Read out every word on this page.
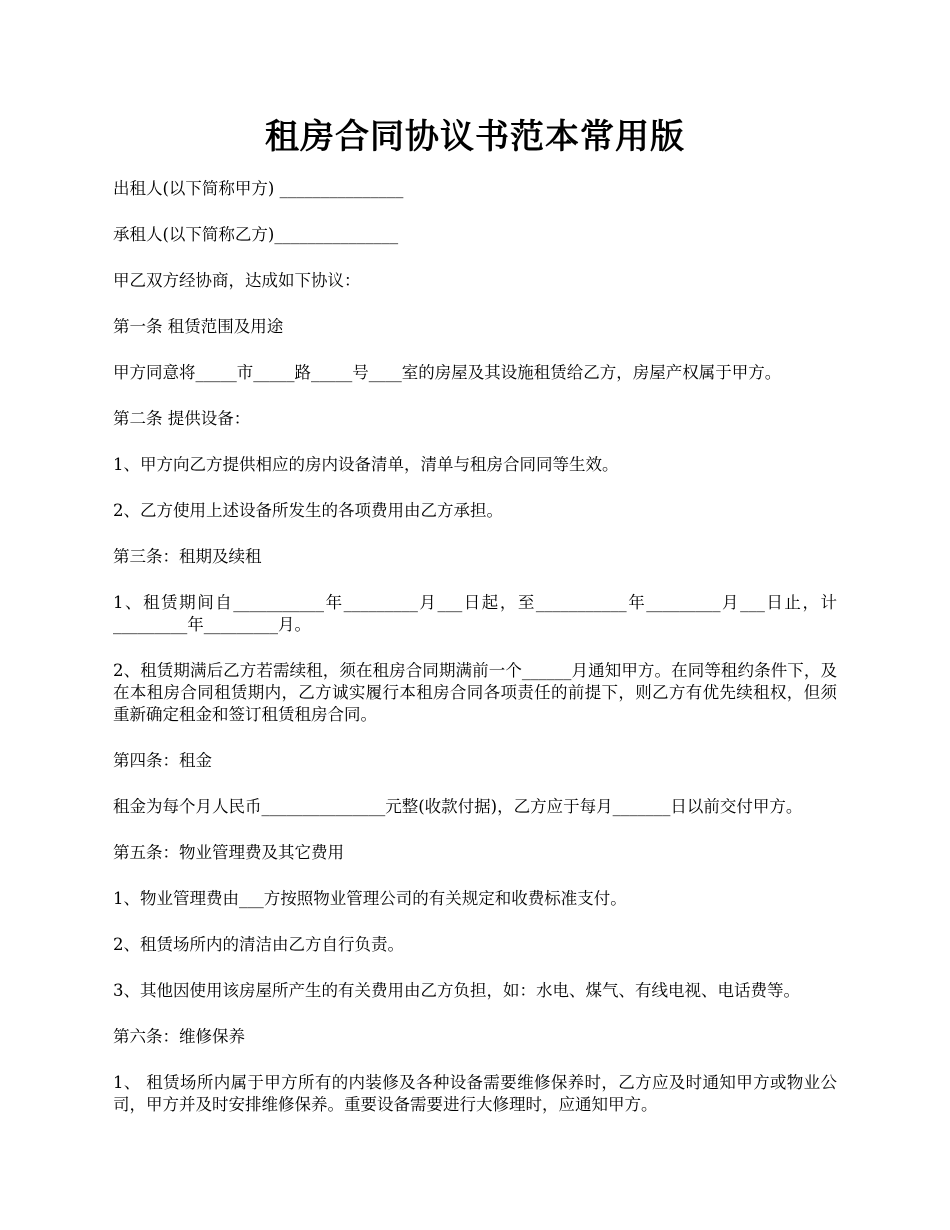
租房合同协议书范本常用版

出租人(以下简称甲方) _______________

承租人(以下简称乙方)_______________

甲乙双方经协商，达成如下协议：

第一条 租赁范围及用途

甲方同意将_____市_____路_____号____室的房屋及其设施租赁给乙方，房屋产权属于甲方。

第二条 提供设备：

1、甲方向乙方提供相应的房内设备清单，清单与租房合同同等生效。

2、乙方使用上述设备所发生的各项费用由乙方承担。

第三条：租期及续租

1、租赁期间自___________年_________月___日起，至___________年_________月___日止，计_________年_________月。

2、租赁期满后乙方若需续租，须在租房合同期满前一个______月通知甲方。在同等租约条件下，及在本租房合同租赁期内，乙方诚实履行本租房合同各项责任的前提下，则乙方有优先续租权，但须重新确定租金和签订租赁租房合同。

第四条：租金

租金为每个月人民币_______________元整(收款付据)，乙方应于每月_______日以前交付甲方。

第五条：物业管理费及其它费用

1、物业管理费由___方按照物业管理公司的有关规定和收费标准支付。

2、租赁场所内的清洁由乙方自行负责。

3、其他因使用该房屋所产生的有关费用由乙方负担，如：水电、煤气、有线电视、电话费等。

第六条：维修保养

1、 租赁场所内属于甲方所有的内装修及各种设备需要维修保养时，乙方应及时通知甲方或物业公司，甲方并及时安排维修保养。重要设备需要进行大修理时，应通知甲方。
